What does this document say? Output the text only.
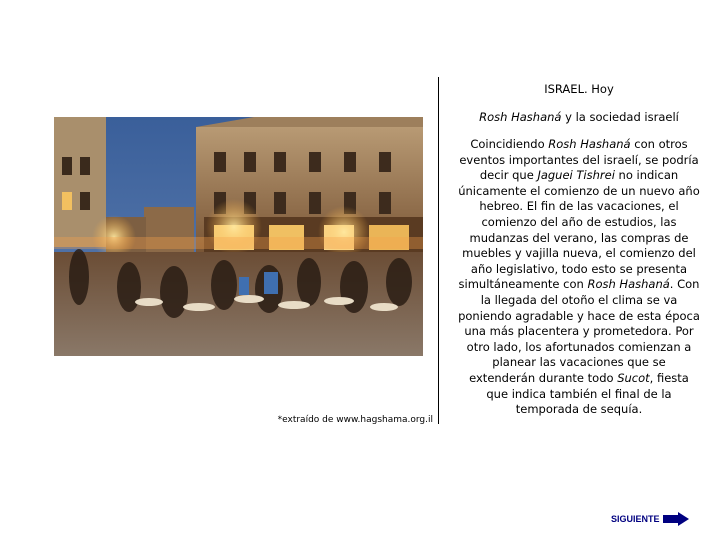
*extraído de www.hagshama.org.il
ISRAEL. Hoy
Rosh Hashaná y la sociedad israelí
Coincidiendo Rosh Hashaná con otros eventos importantes del israelí, se podría decir que Jaguei Tishrei no indican únicamente el comienzo de un nuevo año hebreo. El fin de las vacaciones, el comienzo del año de estudios, las mudanzas del verano, las compras de muebles y vajilla nueva, el comienzo del año legislativo, todo esto se presenta simultáneamente con Rosh Hashaná. Con la llegada del otoño el clima se va poniendo agradable y hace de esta época una más placentera y prometedora. Por otro lado, los afortunados comienzan a planear las vacaciones que se extenderán durante todo Sucot, fiesta que indica también el final de la temporada de sequía.
SIGUIENTE
